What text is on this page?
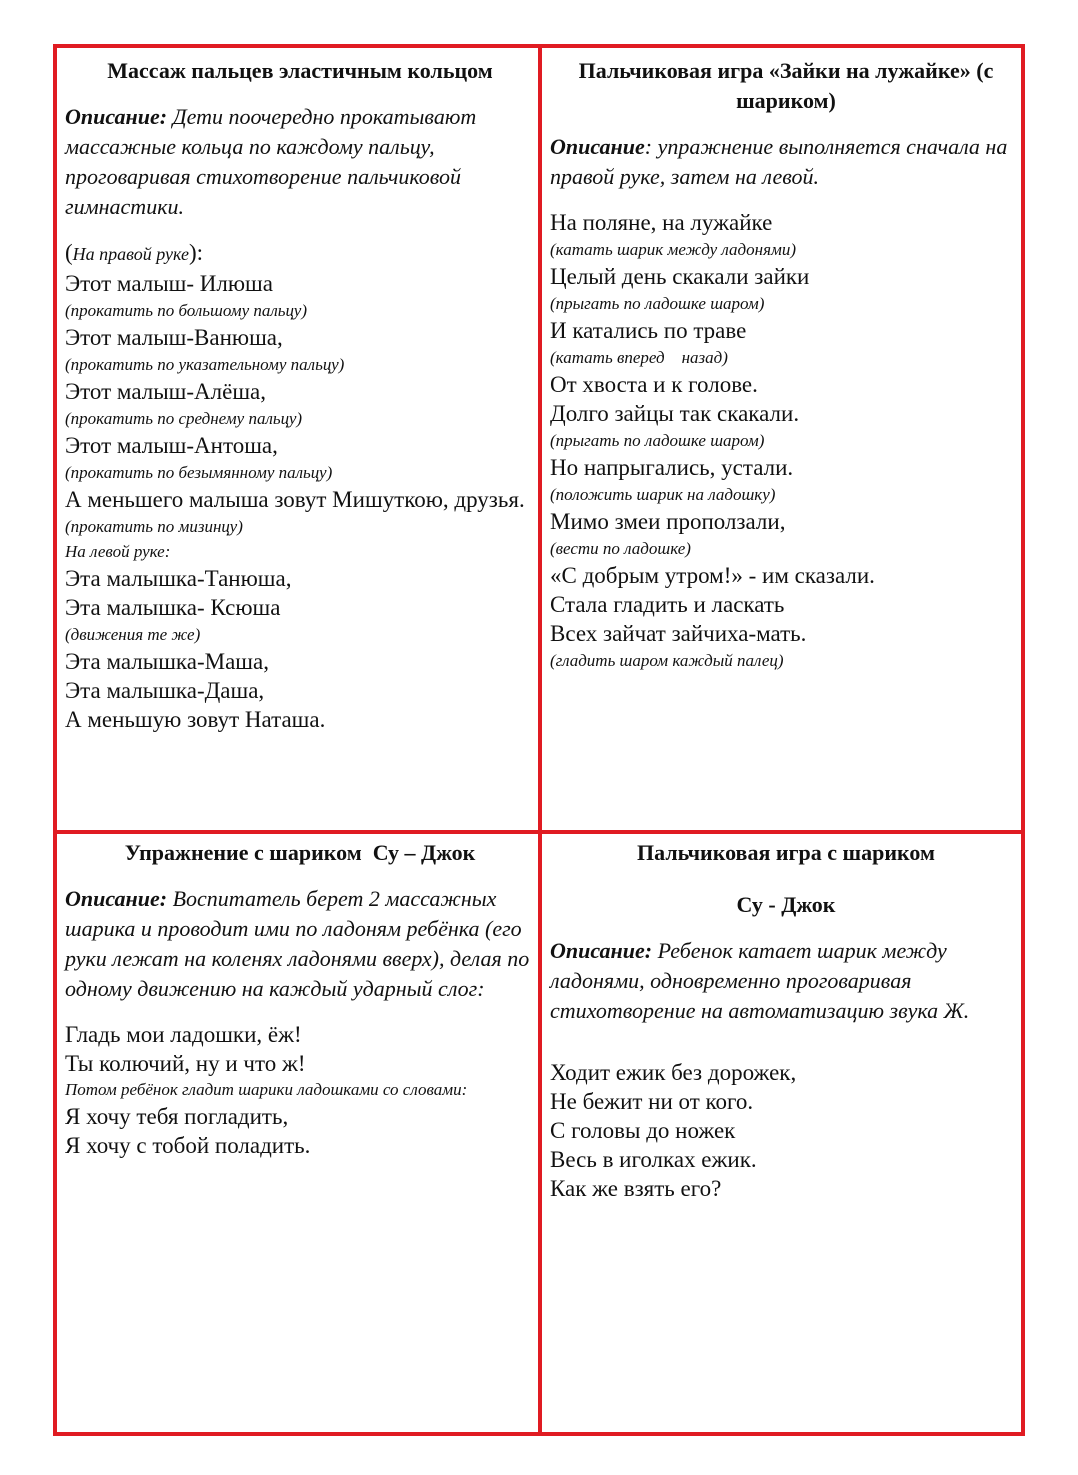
Массаж пальцев эластичным кольцом

Описание: Дети поочередно прокатывают массажные кольца по каждому пальцу, проговаривая стихотворение пальчиковой гимнастики.

(На правой руке):

Этот малыш- Илюша

(прокатить по большому пальцу)

Этот малыш-Ванюша,

(прокатить по указательному пальцу)

Этот малыш-Алёша,

(прокатить по среднему пальцу)

Этот малыш-Антоша,

(прокатить по безымянному пальцу)

А меньшего малыша зовут Мишуткою, друзья.

(прокатить по мизинцу)

На левой руке:

Эта малышка-Танюша,

Эта малышка- Ксюша

(движения те же)

Эта малышка-Маша,

Эта малышка-Даша,

А меньшую зовут Наташа.

Пальчиковая игра «Зайки на лужайке» (с шариком)

Описание: упражнение выполняется сначала на правой руке, затем на левой.

На поляне, на лужайке

(катать шарик между ладонями)

Целый день скакали зайки

(прыгать по ладошке шаром)

И катались по траве

(катать вперед    назад)

От хвоста и к голове.

Долго зайцы так скакали.

(прыгать по ладошке шаром)

Но напрыгались, устали.

(положить шарик на ладошку)

Мимо змеи проползали,

(вести по ладошке)

«С добрым утром!» - им сказали.

Стала гладить и ласкать

Всех зайчат зайчиха-мать.

(гладить шаром каждый палец)

Упражнение с шариком  Су – Джок

Описание: Воспитатель берет 2 массажных шарика и проводит ими по ладоням ребёнка (его руки лежат на коленях ладонями вверх), делая по одному движению на каждый ударный слог:

Гладь мои ладошки, ёж!

Ты колючий, ну и что ж!

Потом ребёнок гладит шарики ладошками со словами:

Я хочу тебя погладить,

Я хочу с тобой поладить.

Пальчиковая игра с шариком

Су - Джок

Описание: Ребенок катает шарик между ладонями, одновременно проговаривая стихотворение на автоматизацию звука Ж.

Ходит ежик без дорожек,

Не бежит ни от кого.

С головы до ножек

Весь в иголках ежик.

Как же взять его?
